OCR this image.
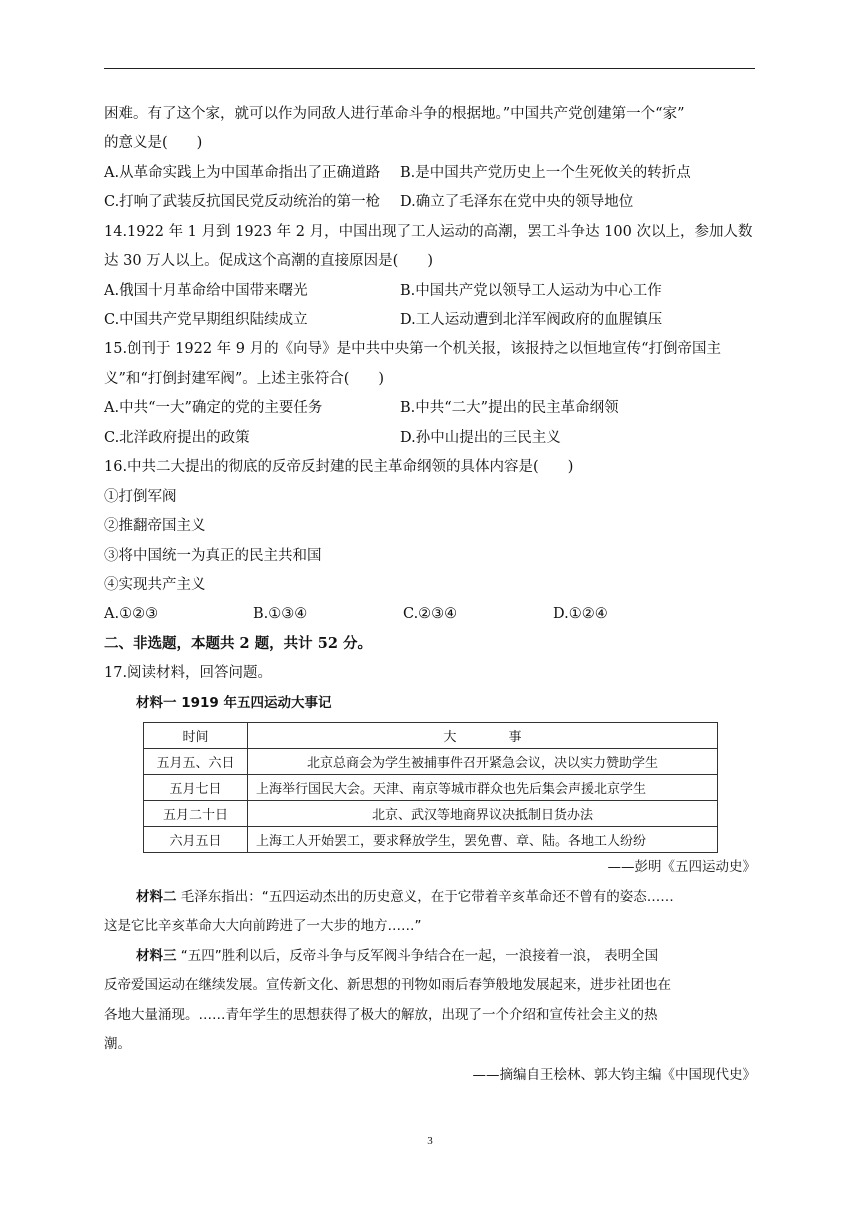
困难。有了这个家，就可以作为同敌人进行革命斗争的根据地。”中国共产党创建第一个“家”
的意义是(　　)
A.从革命实践上为中国革命指出了正确道路 B.是中国共产党历史上一个生死攸关的转折点
C.打响了武装反抗国民党反动统治的第一枪 D.确立了毛泽东在党中央的领导地位
14.1922 年 1 月到 1923 年 2 月，中国出现了工人运动的高潮，罢工斗争达 100 次以上，参加人数
达 30 万人以上。促成这个高潮的直接原因是(　　)
A.俄国十月革命给中国带来曙光	B.中国共产党以领导工人运动为中心工作
C.中国共产党早期组织陆续成立	D.工人运动遭到北洋军阀政府的血腥镇压
15.创刊于 1922 年 9 月的《向导》是中共中央第一个机关报，该报持之以恒地宣传“打倒帝国主
义”和“打倒封建军阀”。上述主张符合(　　)
A.中共“一大”确定的党的主要任务	B.中共“二大”提出的民主革命纲领
C.北洋政府提出的政策	D.孙中山提出的三民主义
16.中共二大提出的彻底的反帝反封建的民主革命纲领的具体内容是(　　)
①打倒军阀
②推翻帝国主义
③将中国统一为真正的民主共和国
④实现共产主义
A.①②③	B.①③④	C.②③④	D.①②④
二、非选题，本题共 2 题，共计 52 分。
17.阅读材料，回答问题。
材料一 1919 年五四运动大事记
时间	大　　　　事
五月五、六日	北京总商会为学生被捕事件召开紧急会议，决以实力赞助学生
五月七日	上海举行国民大会。天津、南京等城市群众也先后集会声援北京学生
五月二十日	北京、武汉等地商界议决抵制日货办法
六月五日	上海工人开始罢工，要求释放学生，罢免曹、章、陆。各地工人纷纷
——彭明《五四运动史》
材料二 毛泽东指出：“五四运动杰出的历史意义，在于它带着辛亥革命还不曾有的姿态……
这是它比辛亥革命大大向前跨进了一大步的地方……”
材料三 “五四”胜利以后，反帝斗争与反军阀斗争结合在一起，一浪接着一浪， 表明全国
反帝爱国运动在继续发展。宣传新文化、新思想的刊物如雨后春笋般地发展起来，进步社团也在
各地大量涌现。……青年学生的思想获得了极大的解放，出现了一个介绍和宣传社会主义的热
潮。
——摘编自王桧林、郭大钧主编《中国现代史》
3
